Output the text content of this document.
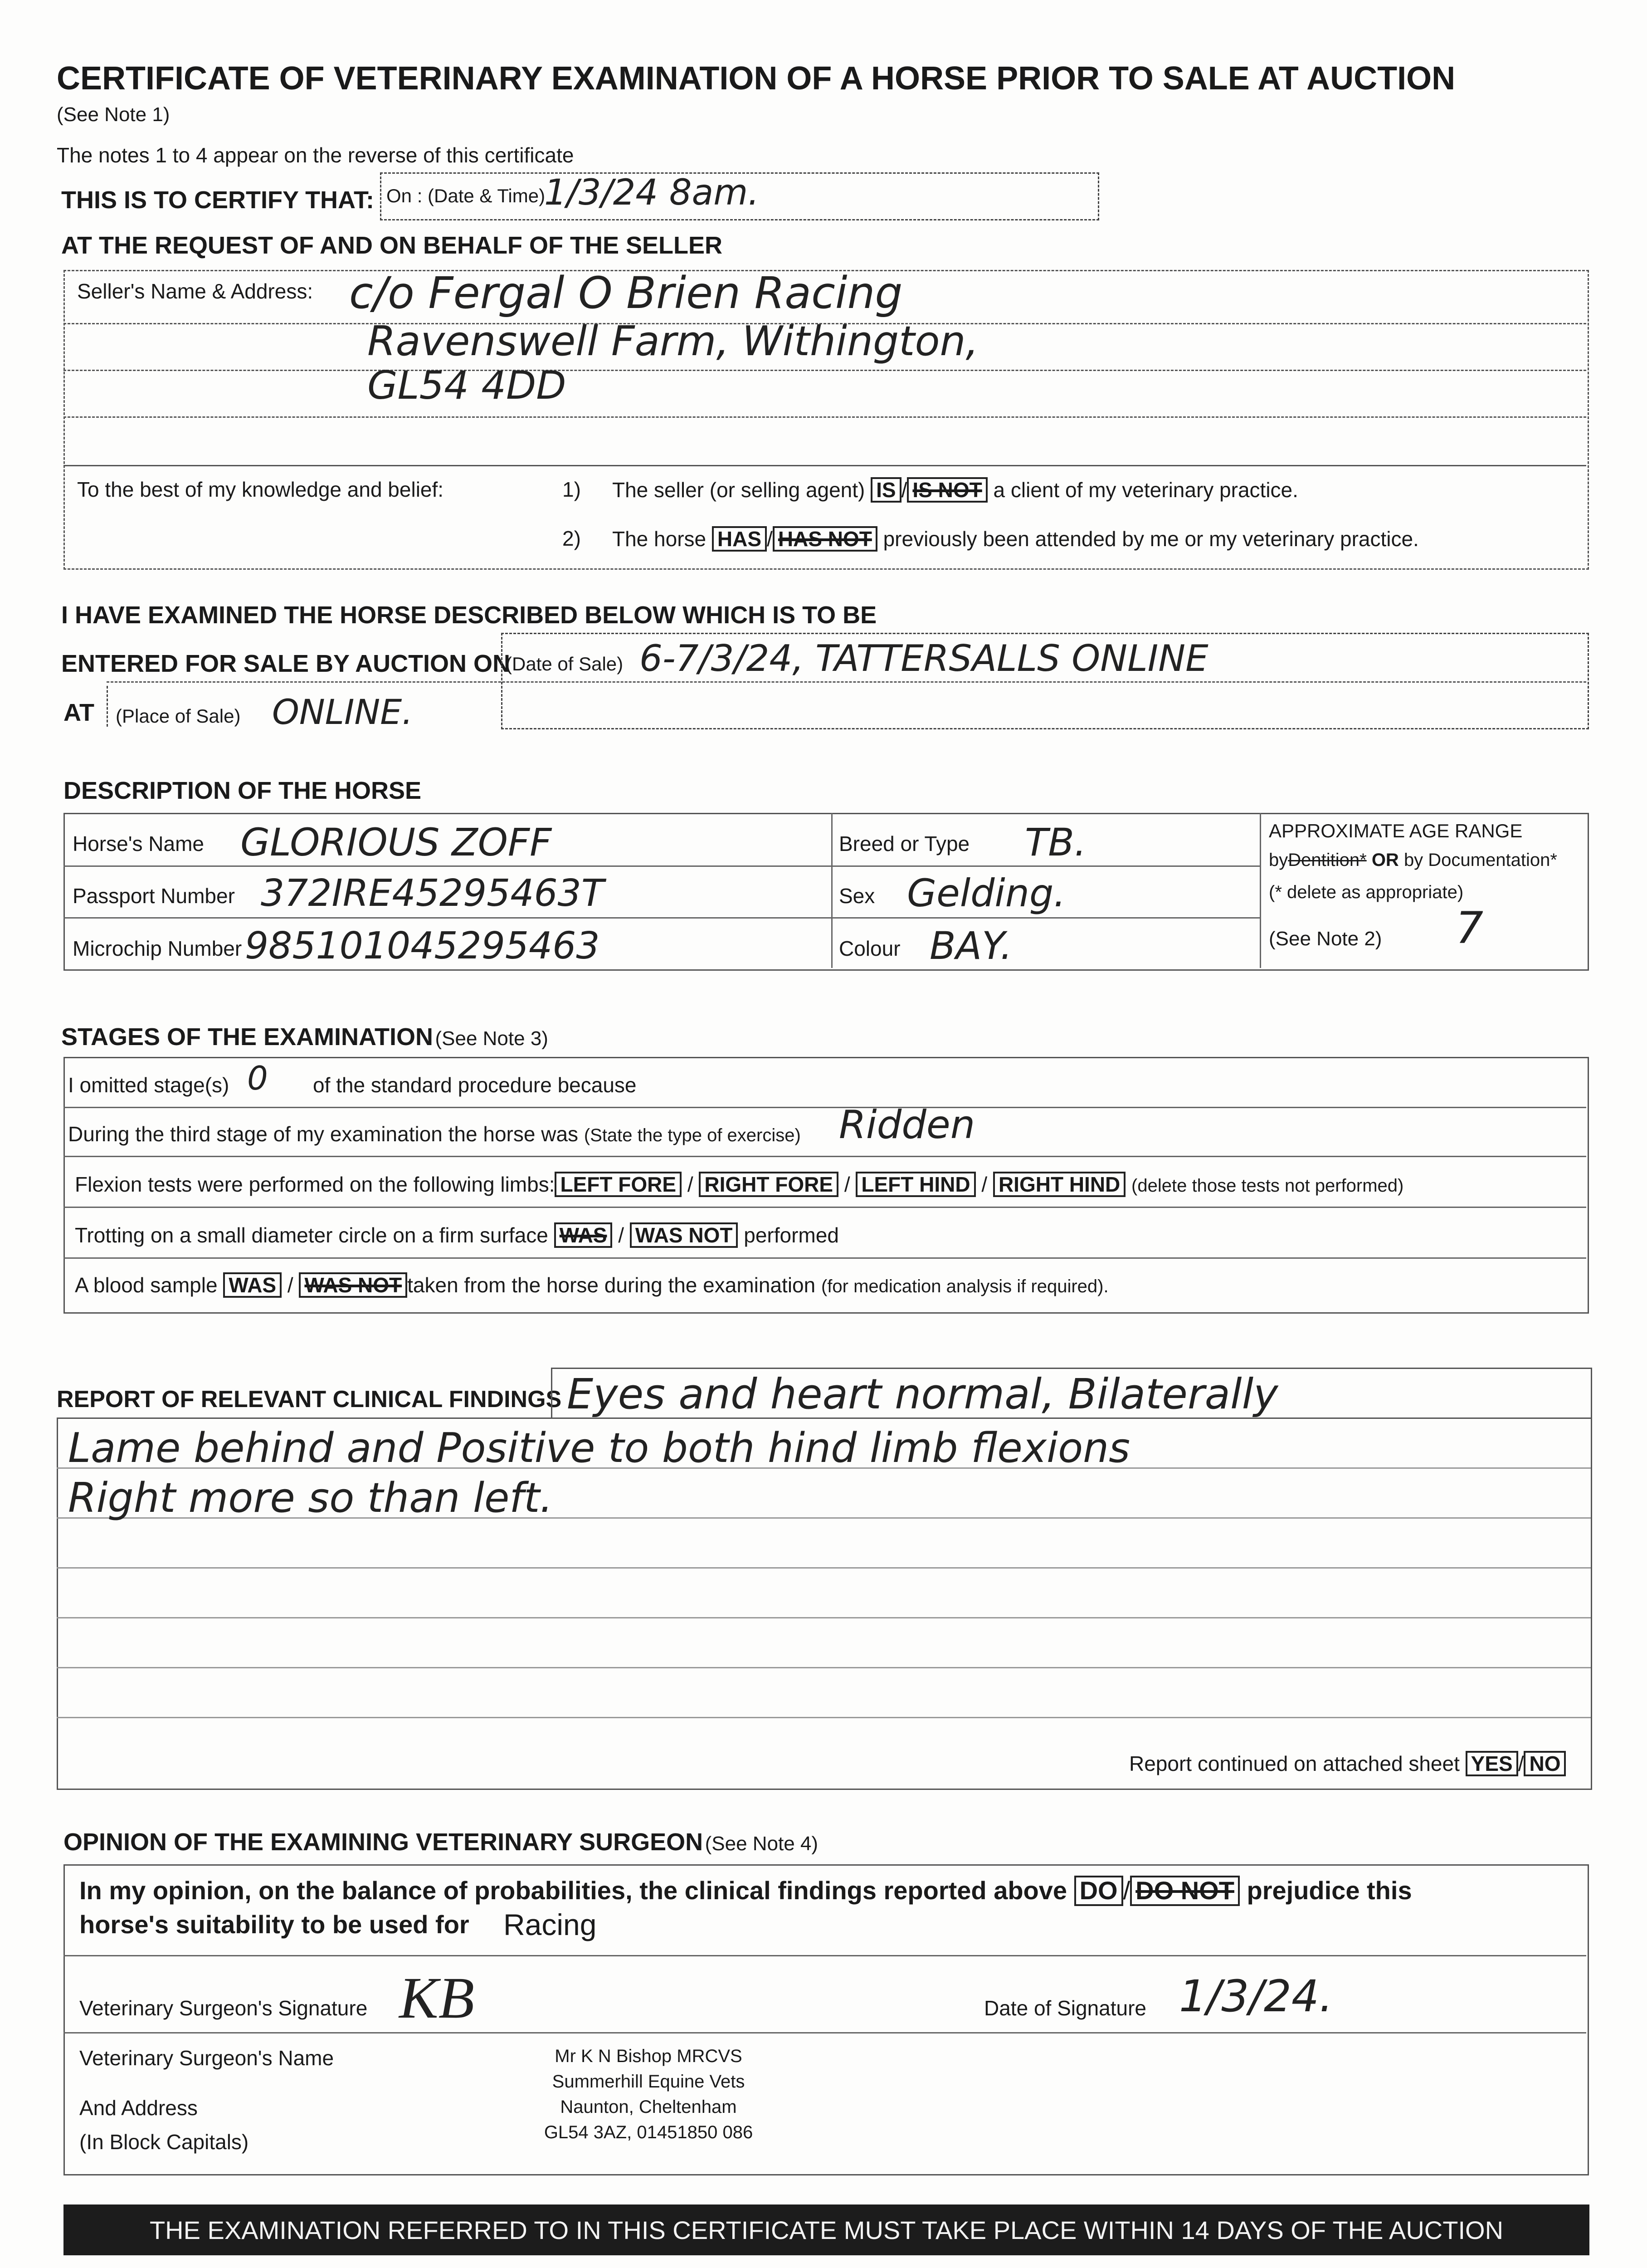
CERTIFICATE OF VETERINARY EXAMINATION OF A HORSE PRIOR TO SALE AT AUCTION
(See Note 1)
The notes 1 to 4 appear on the reverse of this certificate
THIS IS TO CERTIFY THAT: On : (Date & Time)
1/3/24 8am.
AT THE REQUEST OF AND ON BEHALF OF THE SELLER
Seller's Name & Address: c/o Fergal O Brien Racing
Ravenswell Farm, Withington,
GL54 4DD
To the best of my knowledge and belief:	1) The seller (or selling agent) IS / IS NOT a client of my veterinary practice.
2) The horse HAS / HAS NOT previously been attended by me or my veterinary practice.
I HAVE EXAMINED THE HORSE DESCRIBED BELOW WHICH IS TO BE
ENTERED FOR SALE BY AUCTION ON
(Date of Sale) 6-7/3/24, TATTERSALLS ONLINE
AT (Place of Sale) ONLINE.
DESCRIPTION OF THE HORSE
Horse's Name GLORIOUS ZOFF
Passport Number 372IRE45295463T
Microchip Number 985101045295463
Breed or Type TB.
Sex Gelding.
Colour BAY.
APPROXIMATE AGE RANGE
byDentition* OR by Documentation*
(* delete as appropriate)
(See Note 2) 7
STAGES OF THE EXAMINATION (See Note 3)
I omitted stage(s) 0 of the standard procedure because
During the third stage of my examination the horse was (State the type of exercise) Ridden
Flexion tests were performed on the following limbs: LEFT FORE / RIGHT FORE / LEFT HIND / RIGHT HIND (delete those tests not performed)
Trotting on a small diameter circle on a firm surface WAS / WAS NOT performed
A blood sample WAS / WAS NOT taken from the horse during the examination (for medication analysis if required).
REPORT OF RELEVANT CLINICAL FINDINGS Eyes and heart normal, Bilaterally
Lame behind and Positive to both hind limb flexions
Right more so than left.
Report continued on attached sheet YES / NO
OPINION OF THE EXAMINING VETERINARY SURGEON (See Note 4)
In my opinion, on the balance of probabilities, the clinical findings reported above DO / DO NOT prejudice this
horse's suitability to be used for Racing
Veterinary Surgeon's Signature KB	Date of Signature 1/3/24.
Veterinary Surgeon's Name
And Address
(In Block Capitals)
Mr K N Bishop MRCVS
Summerhill Equine Vets
Naunton, Cheltenham
GL54 3AZ, 01451850 086
THE EXAMINATION REFERRED TO IN THIS CERTIFICATE MUST TAKE PLACE WITHIN 14 DAYS OF THE AUCTION
